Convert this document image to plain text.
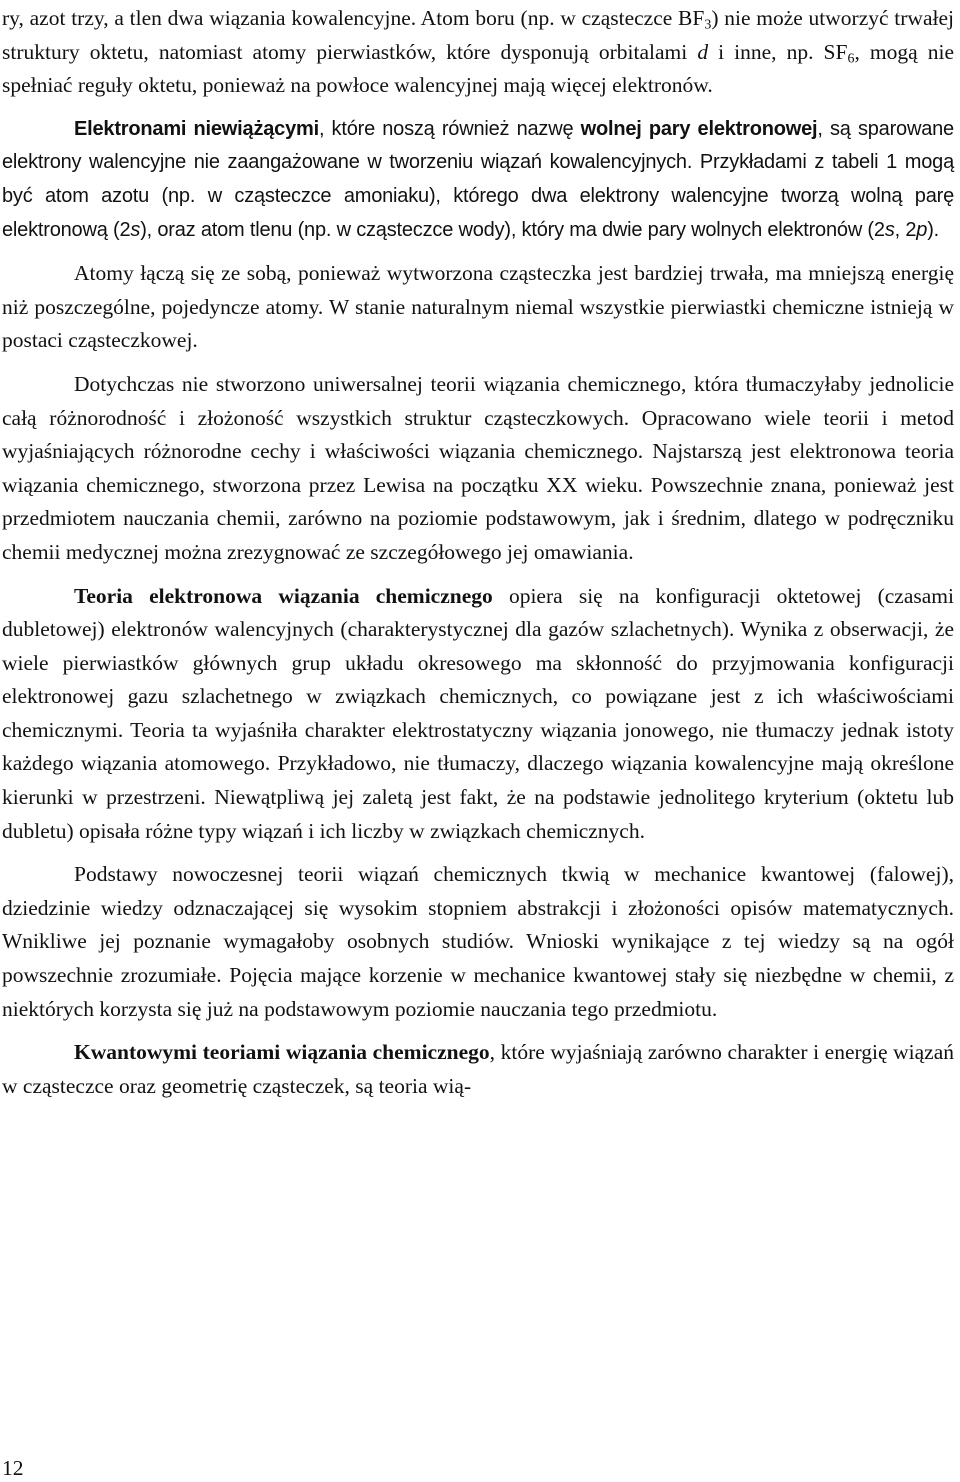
ry, azot trzy, a tlen dwa wiązania kowalencyjne. Atom boru (np. w cząsteczce $BF_3$) nie może utworzyć trwałej struktury oktetu, natomiast atomy pierwiastków, które dysponują orbitalami d i inne, np. $SF_6$, mogą nie spełniać reguły oktetu, ponieważ na powłoce walencyjnej mają więcej elektronów.

Elektronami niewiążącymi, które noszą również nazwę wolnej pary elektronowej, są sparowane elektrony walencyjne nie zaangażowane w tworzeniu wiązań kowalencyjnych. Przykładami z tabeli 1 mogą być atom azotu (np. w cząsteczce amoniaku), którego dwa elektrony walencyjne tworzą wolną parę elektronową (2s), oraz atom tlenu (np. w cząsteczce wody), który ma dwie pary wolnych elektronów (2s, 2p).

Atomy łączą się ze sobą, ponieważ wytworzona cząsteczka jest bardziej trwała, ma mniejszą energię niż poszczególne, pojedyncze atomy. W stanie naturalnym niemal wszystkie pierwiastki chemiczne istnieją w postaci cząsteczkowej.

Dotychczas nie stworzono uniwersalnej teorii wiązania chemicznego, która tłumaczyłaby jednolicie całą różnorodność i złożoność wszystkich struktur cząsteczkowych. Opracowano wiele teorii i metod wyjaśniających różnorodne cechy i właściwości wiązania chemicznego. Najstarszą jest elektronowa teoria wiązania chemicznego, stworzona przez Lewisa na początku XX wieku. Powszechnie znana, ponieważ jest przedmiotem nauczania chemii, zarówno na poziomie podstawowym, jak i średnim, dlatego w podręczniku chemii medycznej można zrezygnować ze szczegółowego jej omawiania.

Teoria elektronowa wiązania chemicznego opiera się na konfiguracji oktetowej (czasami dubletowej) elektronów walencyjnych (charakterystycznej dla gazów szlachetnych). Wynika z obserwacji, że wiele pierwiastków głównych grup układu okresowego ma skłonność do przyjmowania konfiguracji elektronowej gazu szlachetnego w związkach chemicznych, co powiązane jest z ich właściwościami chemicznymi. Teoria ta wyjaśniła charakter elektrostatyczny wiązania jonowego, nie tłumaczy jednak istoty każdego wiązania atomowego. Przykładowo, nie tłumaczy, dlaczego wiązania kowalencyjne mają określone kierunki w przestrzeni. Niewątpliwą jej zaletą jest fakt, że na podstawie jednolitego kryterium (oktetu lub dubletu) opisała różne typy wiązań i ich liczby w związkach chemicznych.

Podstawy nowoczesnej teorii wiązań chemicznych tkwią w mechanice kwantowej (falowej), dziedzinie wiedzy odznaczającej się wysokim stopniem abstrakcji i złożoności opisów matematycznych. Wnikliwe jej poznanie wymagałoby osobnych studiów. Wnioski wynikające z tej wiedzy są na ogół powszechnie zrozumiałe. Pojęcia mające korzenie w mechanice kwantowej stały się niezbędne w chemii, z niektórych korzysta się już na podstawowym poziomie nauczania tego przedmiotu.

Kwantowymi teoriami wiązania chemicznego, które wyjaśniają zarówno charakter i energię wiązań w cząsteczce oraz geometrię cząsteczek, są teoria wią-

12
